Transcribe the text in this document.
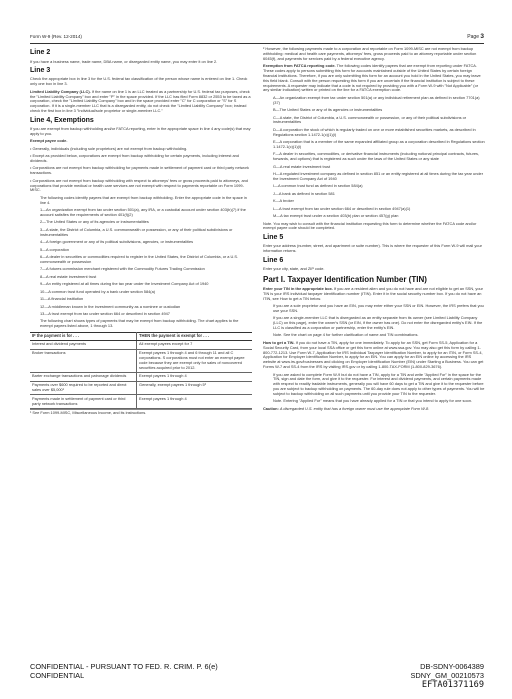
Form W-9 (Rev. 12-2014)	Page 3
Line 2

If you have a business name, trade name, DBA name, or disregarded entity name, you may enter it on line 2.

Line 3

Check the appropriate box in line 3 for the U.S. federal tax classification of the person whose name is entered on line 1. Check only one box in line 3.

Limited Liability Company (LLC). If the name on line 1 is an LLC treated as a partnership for U.S. federal tax purposes, check the "Limited Liability Company" box and enter "P" in the space provided. If the LLC has filed Form 8832 or 2553 to be taxed as a corporation, check the "Limited Liability Company" box and in the space provided enter "C" for C corporation or "S" for S corporation. If it is a single-member LLC that is a disregarded entity, do not check the "Limited Liability Company" box; instead check the first box in line 3 "Individual/sole proprietor or single-member LLC."

Line 4, Exemptions

If you are exempt from backup withholding and/or FATCA reporting, enter in the appropriate space in line 4 any code(s) that may apply to you.

Exempt payee code.

• Generally, individuals (including sole proprietors) are not exempt from backup withholding.

• Except as provided below, corporations are exempt from backup withholding for certain payments, including interest and dividends.

• Corporations are not exempt from backup withholding for payments made in settlement of payment card or third party network transactions.

• Corporations are not exempt from backup withholding with respect to attorneys' fees or gross proceeds paid to attorneys, and corporations that provide medical or health care services are not exempt with respect to payments reportable on Form 1099-MISC.

The following codes identify payees that are exempt from backup withholding. Enter the appropriate code in the space in line 4.

1—An organization exempt from tax under section 501(a), any IRA, or a custodial account under section 403(b)(7) if the account satisfies the requirements of section 401(f)(2)

2—The United States or any of its agencies or instrumentalities

3—A state, the District of Columbia, a U.S. commonwealth or possession, or any of their political subdivisions or instrumentalities

4—A foreign government or any of its political subdivisions, agencies, or instrumentalities

5—A corporation

6—A dealer in securities or commodities required to register in the United States, the District of Columbia, or a U.S. commonwealth or possession

7—A futures commission merchant registered with the Commodity Futures Trading Commission

8—A real estate investment trust

9—An entity registered at all times during the tax year under the Investment Company Act of 1940

10—A common trust fund operated by a bank under section 584(a)

11—A financial institution

12—A middleman known in the investment community as a nominee or custodian

13—A trust exempt from tax under section 664 or described in section 4947

The following chart shows types of payments that may be exempt from backup withholding. The chart applies to the exempt payees listed above, 1 through 13.

IF the payment is for . . .	THEN the payment is exempt for . . .
Interest and dividend payments	All exempt payees except for 7
Broker transactions	Exempt payees 1 through 4 and 6 through 11 and all C corporations. S corporations must not enter an exempt payee code because they are exempt only for sales of noncovered securities acquired prior to 2012.
Barter exchange transactions and patronage dividends	Exempt payees 1 through 4
Payments over $600 required to be reported and direct sales over $5,000¹	Generally, exempt payees 1 through 5²
Payments made in settlement of payment card or third party network transactions	Exempt payees 1 through 4

¹ See Form 1099-MISC, Miscellaneous Income, and its instructions.

² However, the following payments made to a corporation and reportable on Form 1099-MISC are not exempt from backup withholding: medical and health care payments, attorneys' fees, gross proceeds paid to an attorney reportable under section 6045(f), and payments for services paid by a federal executive agency.

Exemption from FATCA reporting code. The following codes identify payees that are exempt from reporting under FATCA. These codes apply to persons submitting this form for accounts maintained outside of the United States by certain foreign financial institutions. Therefore, if you are only submitting this form for an account you hold in the United States, you may leave this field blank. Consult with the person requesting this form if you are uncertain if the financial institution is subject to these requirements. A requester may indicate that a code is not required by providing you with a Form W-9 with "Not Applicable" (or any similar indication) written or printed on the line for a FATCA exemption code.

A—An organization exempt from tax under section 501(a) or any individual retirement plan as defined in section 7701(a)(37)

B—The United States or any of its agencies or instrumentalities

C—A state, the District of Columbia, a U.S. commonwealth or possession, or any of their political subdivisions or instrumentalities

D—A corporation the stock of which is regularly traded on one or more established securities markets, as described in Regulations section 1.1472-1(c)(1)(i)

E—A corporation that is a member of the same expanded affiliated group as a corporation described in Regulations section 1.1472-1(c)(1)(i)

F—A dealer in securities, commodities, or derivative financial instruments (including notional principal contracts, futures, forwards, and options) that is registered as such under the laws of the United States or any state

G—A real estate investment trust

H—A regulated investment company as defined in section 851 or an entity registered at all times during the tax year under the Investment Company Act of 1940

I—A common trust fund as defined in section 584(a)

J—A bank as defined in section 581

K—A broker

L—A trust exempt from tax under section 664 or described in section 4947(a)(1)

M—A tax exempt trust under a section 403(b) plan or section 457(g) plan

Note. You may wish to consult with the financial institution requesting this form to determine whether the FATCA code and/or exempt payee code should be completed.

Line 5

Enter your address (number, street, and apartment or suite number). This is where the requester of this Form W-9 will mail your information returns.

Line 6

Enter your city, state, and ZIP code.

Part I. Taxpayer Identification Number (TIN)

Enter your TIN in the appropriate box. If you are a resident alien and you do not have and are not eligible to get an SSN, your TIN is your IRS individual taxpayer identification number (ITIN). Enter it in the social security number box. If you do not have an ITIN, see How to get a TIN below.

If you are a sole proprietor and you have an EIN, you may enter either your SSN or EIN. However, the IRS prefers that you use your SSN.

If you are a single-member LLC that is disregarded as an entity separate from its owner (see Limited Liability Company (LLC) on this page), enter the owner's SSN (or EIN, if the owner has one). Do not enter the disregarded entity's EIN. If the LLC is classified as a corporation or partnership, enter the entity's EIN.

Note. See the chart on page 4 for further clarification of name and TIN combinations.

How to get a TIN. If you do not have a TIN, apply for one immediately. To apply for an SSN, get Form SS-5, Application for a Social Security Card, from your local SSA office or get this form online at www.ssa.gov. You may also get this form by calling 1-800-772-1213. Use Form W-7, Application for IRS Individual Taxpayer Identification Number, to apply for an ITIN, or Form SS-4, Application for Employer Identification Number, to apply for an EIN. You can apply for an EIN online by accessing the IRS website at www.irs.gov/businesses and clicking on Employer Identification Number (EIN) under Starting a Business. You can get Forms W-7 and SS-4 from the IRS by visiting IRS.gov or by calling 1-800-TAX-FORM (1-800-829-3676).

If you are asked to complete Form W-9 but do not have a TIN, apply for a TIN and write "Applied For" in the space for the TIN, sign and date the form, and give it to the requester. For interest and dividend payments, and certain payments made with respect to readily tradable instruments, generally you will have 60 days to get a TIN and give it to the requester before you are subject to backup withholding on payments. The 60-day rule does not apply to other types of payments. You will be subject to backup withholding on all such payments until you provide your TIN to the requester.

Note. Entering "Applied For" means that you have already applied for a TIN or that you intend to apply for one soon.

Caution: A disregarded U.S. entity that has a foreign owner must use the appropriate Form W-8.

CONFIDENTIAL - PURSUANT TO FED. R. CRIM. P. 6(e)
CONFIDENTIAL
DB-SDNY-0064389
SDNY_GM_00210573
EFTA01371169
